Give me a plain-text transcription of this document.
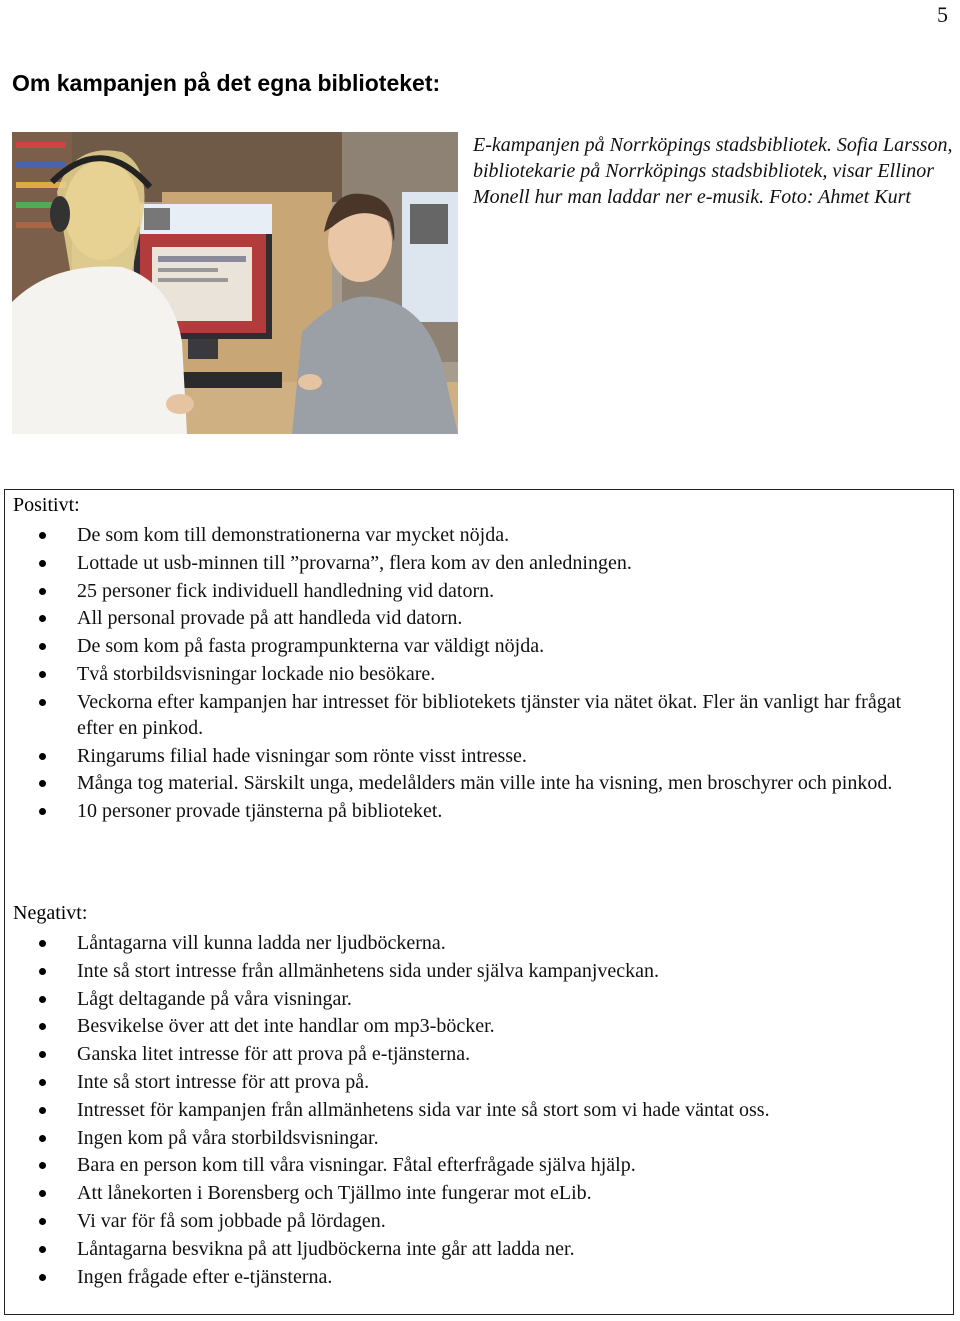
5
Om kampanjen på det egna biblioteket:
E-kampanjen på Norrköpings stadsbibliotek. Sofia Larsson, bibliotekarie på Norrköpings stadsbibliotek, visar Ellinor Monell hur man laddar ner e-musik. Foto: Ahmet Kurt
Positivt:
De som kom till demonstrationerna var mycket nöjda.
Lottade ut usb-minnen till ”provarna”, flera kom av den anledningen.
25 personer fick individuell handledning vid datorn.
All personal provade på att handleda vid datorn.
De som kom på fasta programpunkterna var väldigt nöjda.
Två storbildsvisningar lockade nio besökare.
Veckorna efter kampanjen har intresset för bibliotekets tjänster via nätet ökat. Fler än vanligt har frågat efter en pinkod.
Ringarums filial hade visningar som rönte visst intresse.
Många tog material. Särskilt unga, medelålders män ville inte ha visning, men broschyrer och pinkod.
10 personer provade tjänsterna på biblioteket.
Negativt:
Låntagarna vill kunna ladda ner ljudböckerna.
Inte så stort intresse från allmänhetens sida under själva kampanjveckan.
Lågt deltagande på våra visningar.
Besvikelse över att det inte handlar om mp3-böcker.
Ganska litet intresse för att prova på e-tjänsterna.
Inte så stort intresse för att prova på.
Intresset för kampanjen från allmänhetens sida var inte så stort som vi hade väntat oss.
Ingen kom på våra storbildsvisningar.
Bara en person kom till våra visningar. Fåtal efterfrågade själva hjälp.
Att lånekorten i Borensberg och Tjällmo inte fungerar mot eLib.
Vi var för få som jobbade på lördagen.
Låntagarna besvikna på att ljudböckerna inte går att ladda ner.
Ingen frågade efter e-tjänsterna.
